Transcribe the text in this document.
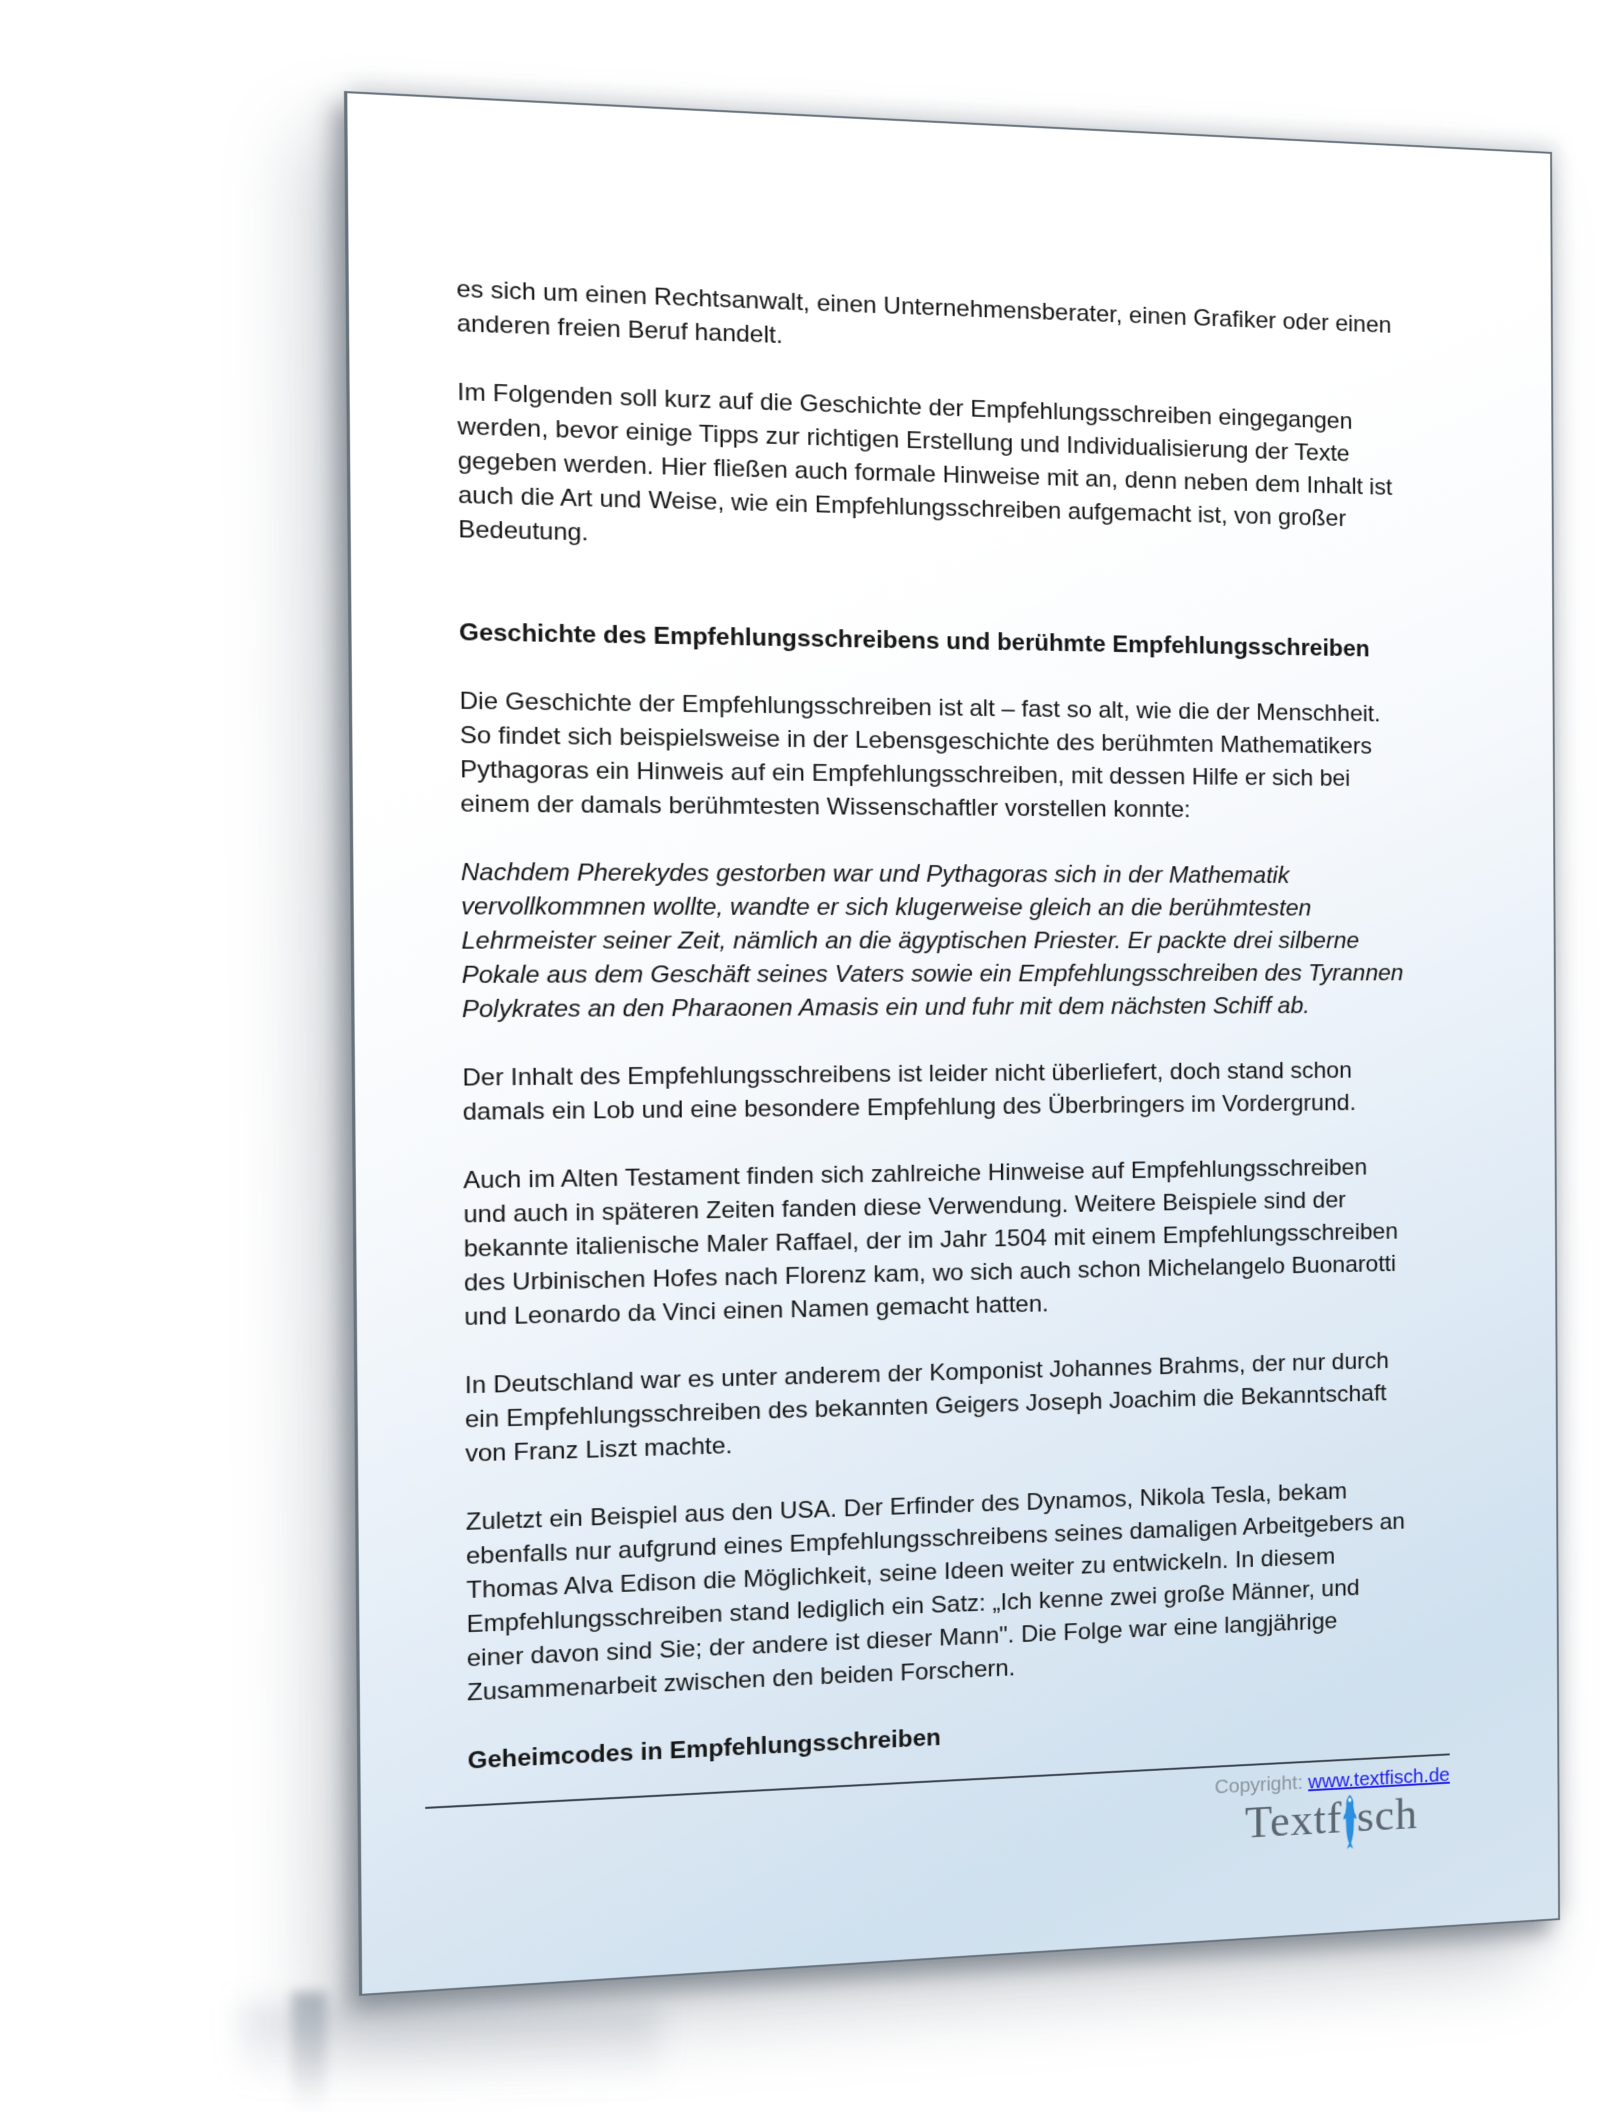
es sich um einen Rechtsanwalt, einen Unternehmensberater, einen Grafiker oder einen
anderen freien Beruf handelt.

Im Folgenden soll kurz auf die Geschichte der Empfehlungsschreiben eingegangen
werden, bevor einige Tipps zur richtigen Erstellung und Individualisierung der Texte
gegeben werden. Hier fließen auch formale Hinweise mit an, denn neben dem Inhalt ist
auch die Art und Weise, wie ein Empfehlungsschreiben aufgemacht ist, von großer
Bedeutung.

Geschichte des Empfehlungsschreibens und berühmte Empfehlungsschreiben

Die Geschichte der Empfehlungsschreiben ist alt – fast so alt, wie die der Menschheit.
So findet sich beispielsweise in der Lebensgeschichte des berühmten Mathematikers
Pythagoras ein Hinweis auf ein Empfehlungsschreiben, mit dessen Hilfe er sich bei
einem der damals berühmtesten Wissenschaftler vorstellen konnte:

Nachdem Pherekydes gestorben war und Pythagoras sich in der Mathematik
vervollkommnen wollte, wandte er sich klugerweise gleich an die berühmtesten
Lehrmeister seiner Zeit, nämlich an die ägyptischen Priester. Er packte drei silberne
Pokale aus dem Geschäft seines Vaters sowie ein Empfehlungsschreiben des Tyrannen
Polykrates an den Pharaonen Amasis ein und fuhr mit dem nächsten Schiff ab.

Der Inhalt des Empfehlungsschreibens ist leider nicht überliefert, doch stand schon
damals ein Lob und eine besondere Empfehlung des Überbringers im Vordergrund.

Auch im Alten Testament finden sich zahlreiche Hinweise auf Empfehlungsschreiben
und auch in späteren Zeiten fanden diese Verwendung. Weitere Beispiele sind der
bekannte italienische Maler Raffael, der im Jahr 1504 mit einem Empfehlungsschreiben
des Urbinischen Hofes nach Florenz kam, wo sich auch schon Michelangelo Buonarotti
und Leonardo da Vinci einen Namen gemacht hatten.

In Deutschland war es unter anderem der Komponist Johannes Brahms, der nur durch
ein Empfehlungsschreiben des bekannten Geigers Joseph Joachim die Bekanntschaft
von Franz Liszt machte.

Zuletzt ein Beispiel aus den USA. Der Erfinder des Dynamos, Nikola Tesla, bekam
ebenfalls nur aufgrund eines Empfehlungsschreibens seines damaligen Arbeitgebers an
Thomas Alva Edison die Möglichkeit, seine Ideen weiter zu entwickeln. In diesem
Empfehlungsschreiben stand lediglich ein Satz: „Ich kenne zwei große Männer, und
einer davon sind Sie; der andere ist dieser Mann". Die Folge war eine langjährige
Zusammenarbeit zwischen den beiden Forschern.

Geheimcodes in Empfehlungsschreiben
Copyright: www.textfisch.de
Textf sch
